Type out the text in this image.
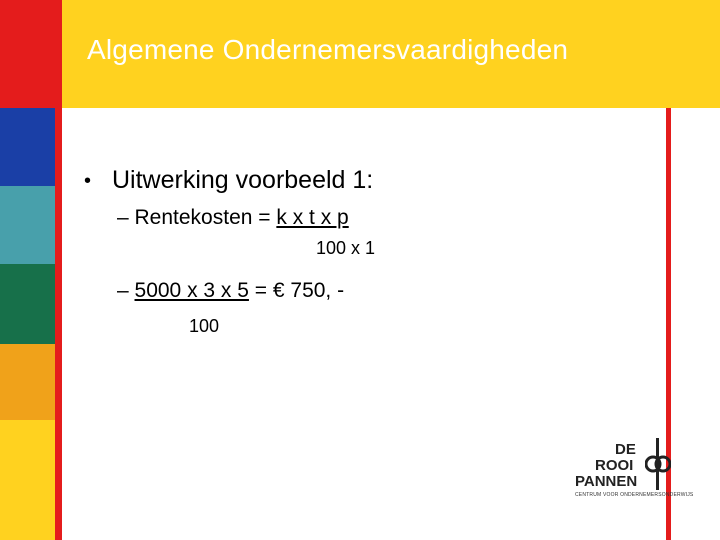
Algemene Ondernemersvaardigheden
• Uitwerking voorbeeld 1:
– Rentekosten = k x t x p
100 x 1
– 5000 x 3 x 5 = € 750, -
100
DE
ROOI
PANNEN
CENTRUM VOOR ONDERNEMERSONDERWIJS
